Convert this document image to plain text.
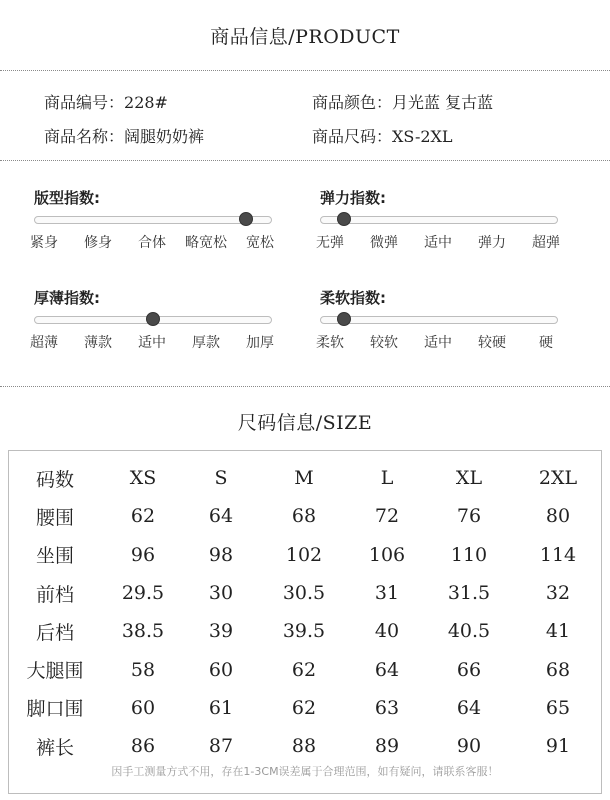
商品信息/PRODUCT
商品编号：228#	商品颜色：月光蓝 复古蓝
商品名称：阔腿奶奶裤	商品尺码：XS-2XL
版型指数:
紧身 修身 合体 略宽松 宽松
弹力指数:
无弹 微弹 适中 弹力 超弹
厚薄指数:
超薄 薄款 适中 厚款 加厚
柔软指数:
柔软 较软 适中 较硬 硬
尺码信息/SIZE
码数	XS	S	M	L	XL	2XL
腰围	62	64	68	72	76	80
坐围	96	98	102	106	110	114
前档	29.5	30	30.5	31	31.5	32
后档	38.5	39	39.5	40	40.5	41
大腿围	58	60	62	64	66	68
脚口围	60	61	62	63	64	65
裤长	86	87	88	89	90	91
因手工测量方式不用，存在1-3CM误差属于合理范围，如有疑问，请联系客服！
